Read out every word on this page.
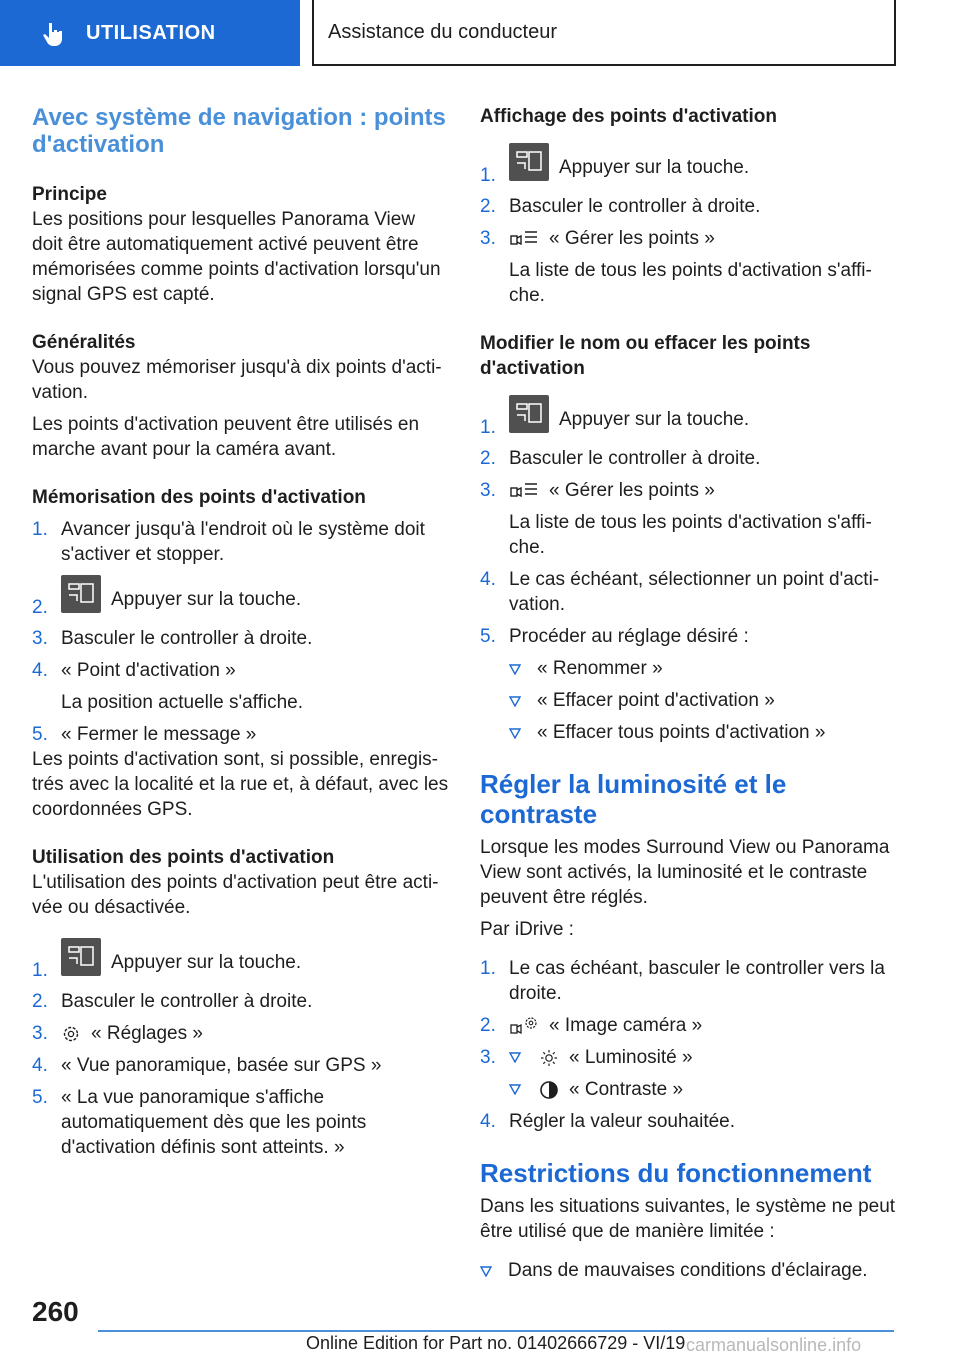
UTILISATION	Assistance du conducteur
Avec système de navigation : points d'activation
Principe

Les positions pour lesquelles Panorama View doit être automatiquement activé peuvent être mémorisées comme points d'activation lorsqu'un signal GPS est capté.

Généralités

Vous pouvez mémoriser jusqu'à dix points d'acti-vation.

Les points d'activation peuvent être utilisés en marche avant pour la caméra avant.

Mémorisation des points d'activation
1. Avancer jusqu'à l'endroit où le système doit s'activer et stopper.
2.	Appuyer sur la touche.
3. Basculer le controller à droite.
4. « Point d'activation »
La position actuelle s'affiche.
5. « Fermer le message »

Les points d'activation sont, si possible, enregis-trés avec la localité et la rue et, à défaut, avec les coordonnées GPS.

Utilisation des points d'activation

L'utilisation des points d'activation peut être acti-vée ou désactivée.

1.	Appuyer sur la touche.
2. Basculer le controller à droite.
3. « Réglages »
4. « Vue panoramique, basée sur GPS »
5. « La vue panoramique s'affiche automatiquement dès que les points d'activation définis sont atteints. »
Affichage des points d'activation
1.	Appuyer sur la touche.
2. Basculer le controller à droite.
3.	« Gérer les points »
La liste de tous les points d'activation s'affi-che.
Modifier le nom ou effacer les points d'activation
1.	Appuyer sur la touche.
2. Basculer le controller à droite.
3.	« Gérer les points »
La liste de tous les points d'activation s'affi-che.
4. Le cas échéant, sélectionner un point d'acti-vation.
5. Procéder au réglage désiré :
« Renommer »
« Effacer point d'activation »
« Effacer tous points d'activation »
Régler la luminosité et le contraste

Lorsque les modes Surround View ou Panorama View sont activés, la luminosité et le contraste peuvent être réglés.

Par iDrive :

1. Le cas échéant, basculer le controller vers la droite.
2.	« Image caméra »
3.	« Luminosité »
« Contraste »
4. Régler la valeur souhaitée.
Restrictions du fonctionnement

Dans les situations suivantes, le système ne peut être utilisé que de manière limitée :

Dans de mauvaises conditions d'éclairage.
260
Online Edition for Part no. 01402666729 - VI/19 carmanualsonline.info
